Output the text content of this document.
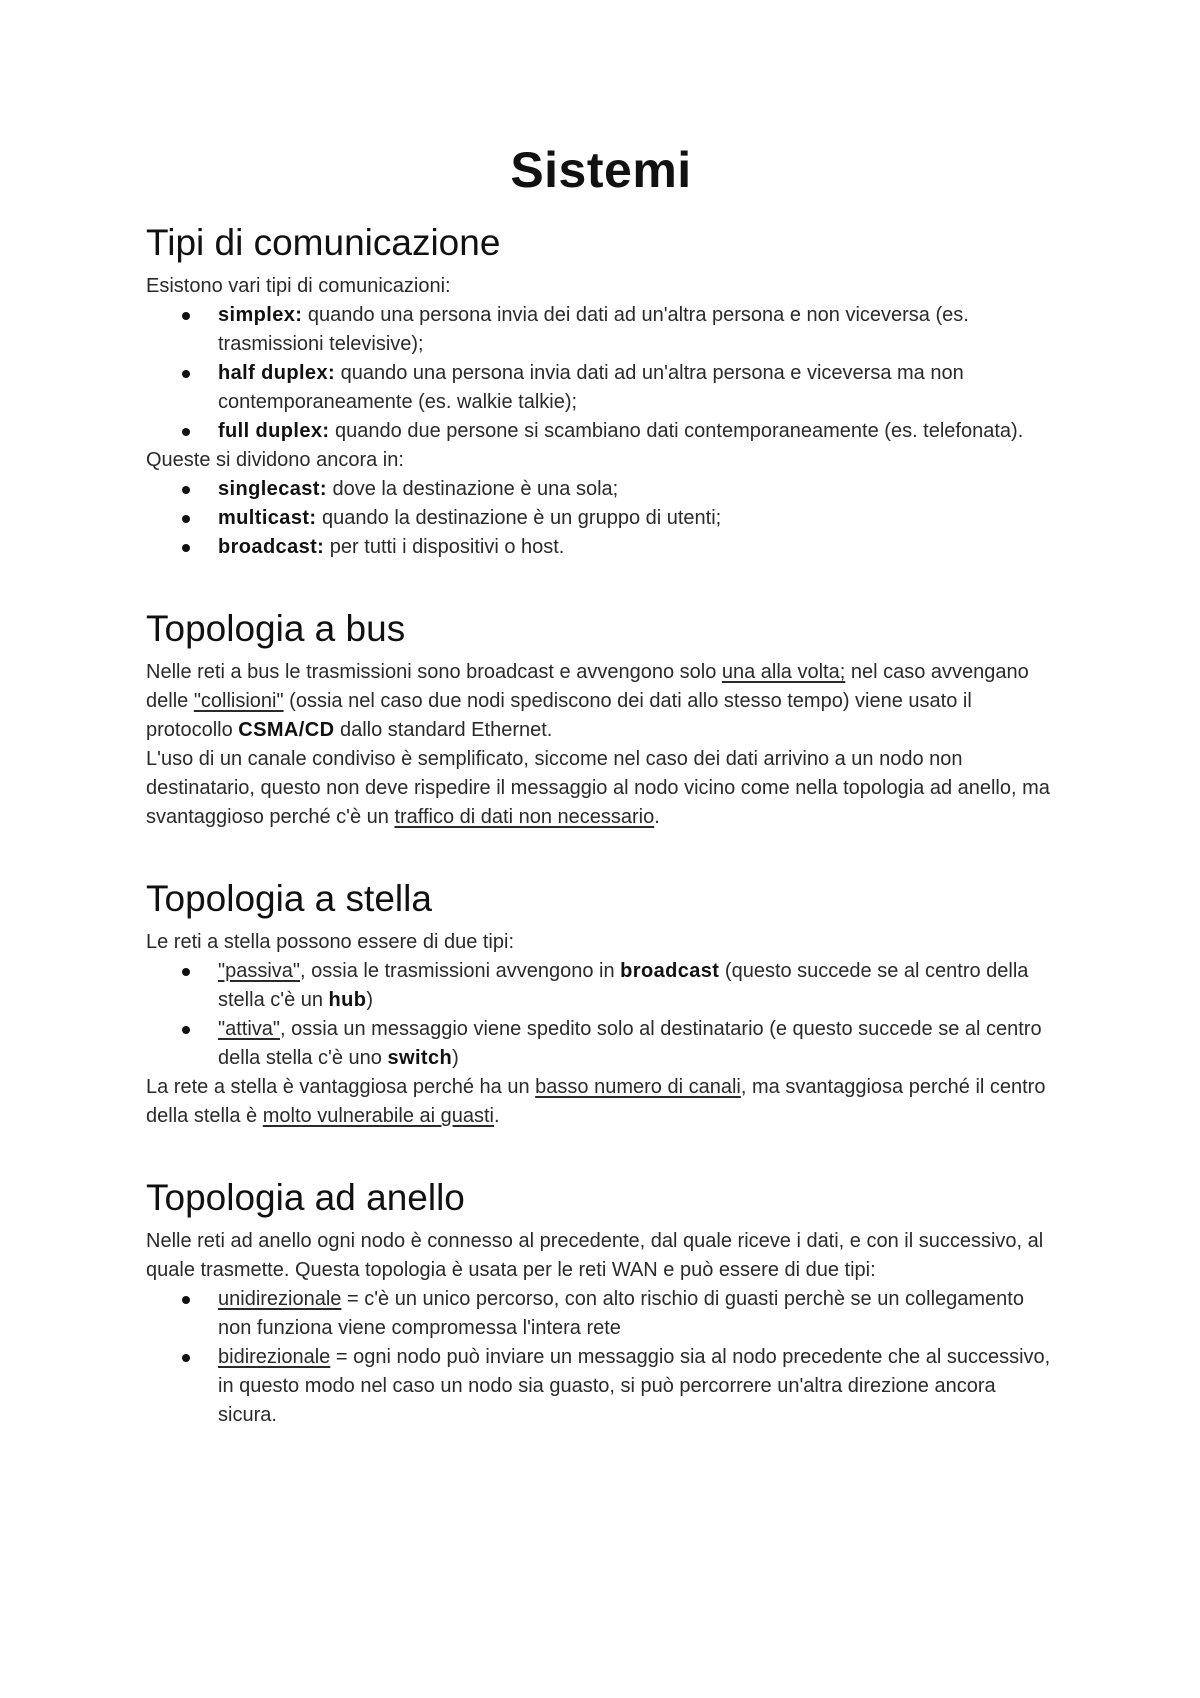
Sistemi
Tipi di comunicazione

Esistono vari tipi di comunicazioni:

simplex: quando una persona invia dei dati ad un'altra persona e non viceversa (es. trasmissioni televisive);
half duplex: quando una persona invia dati ad un'altra persona e viceversa ma non contemporaneamente (es. walkie talkie);
full duplex: quando due persone si scambiano dati contemporaneamente (es. telefonata).

Queste si dividono ancora in:

singlecast: dove la destinazione è una sola;
multicast: quando la destinazione è un gruppo di utenti;
broadcast: per tutti i dispositivi o host.
Topologia a bus

Nelle reti a bus le trasmissioni sono broadcast e avvengono solo una alla volta; nel caso avvengano delle "collisioni" (ossia nel caso due nodi spediscono dei dati allo stesso tempo) viene usato il protocollo CSMA/CD dallo standard Ethernet.

L'uso di un canale condiviso è semplificato, siccome nel caso dei dati arrivino a un nodo non destinatario, questo non deve rispedire il messaggio al nodo vicino come nella topologia ad anello, ma svantaggioso perché c'è un traffico di dati non necessario.

Topologia a stella

Le reti a stella possono essere di due tipi:

"passiva", ossia le trasmissioni avvengono in broadcast (questo succede se al centro della stella c'è un hub)
"attiva", ossia un messaggio viene spedito solo al destinatario (e questo succede se al centro della stella c'è uno switch)

La rete a stella è vantaggiosa perché ha un basso numero di canali, ma svantaggiosa perché il centro della stella è molto vulnerabile ai guasti.

Topologia ad anello

Nelle reti ad anello ogni nodo è connesso al precedente, dal quale riceve i dati, e con il successivo, al quale trasmette. Questa topologia è usata per le reti WAN e può essere di due tipi:

unidirezionale = c'è un unico percorso, con alto rischio di guasti perchè se un collegamento non funziona viene compromessa l'intera rete
bidirezionale = ogni nodo può inviare un messaggio sia al nodo precedente che al successivo, in questo modo nel caso un nodo sia guasto, si può percorrere un'altra direzione ancora sicura.
